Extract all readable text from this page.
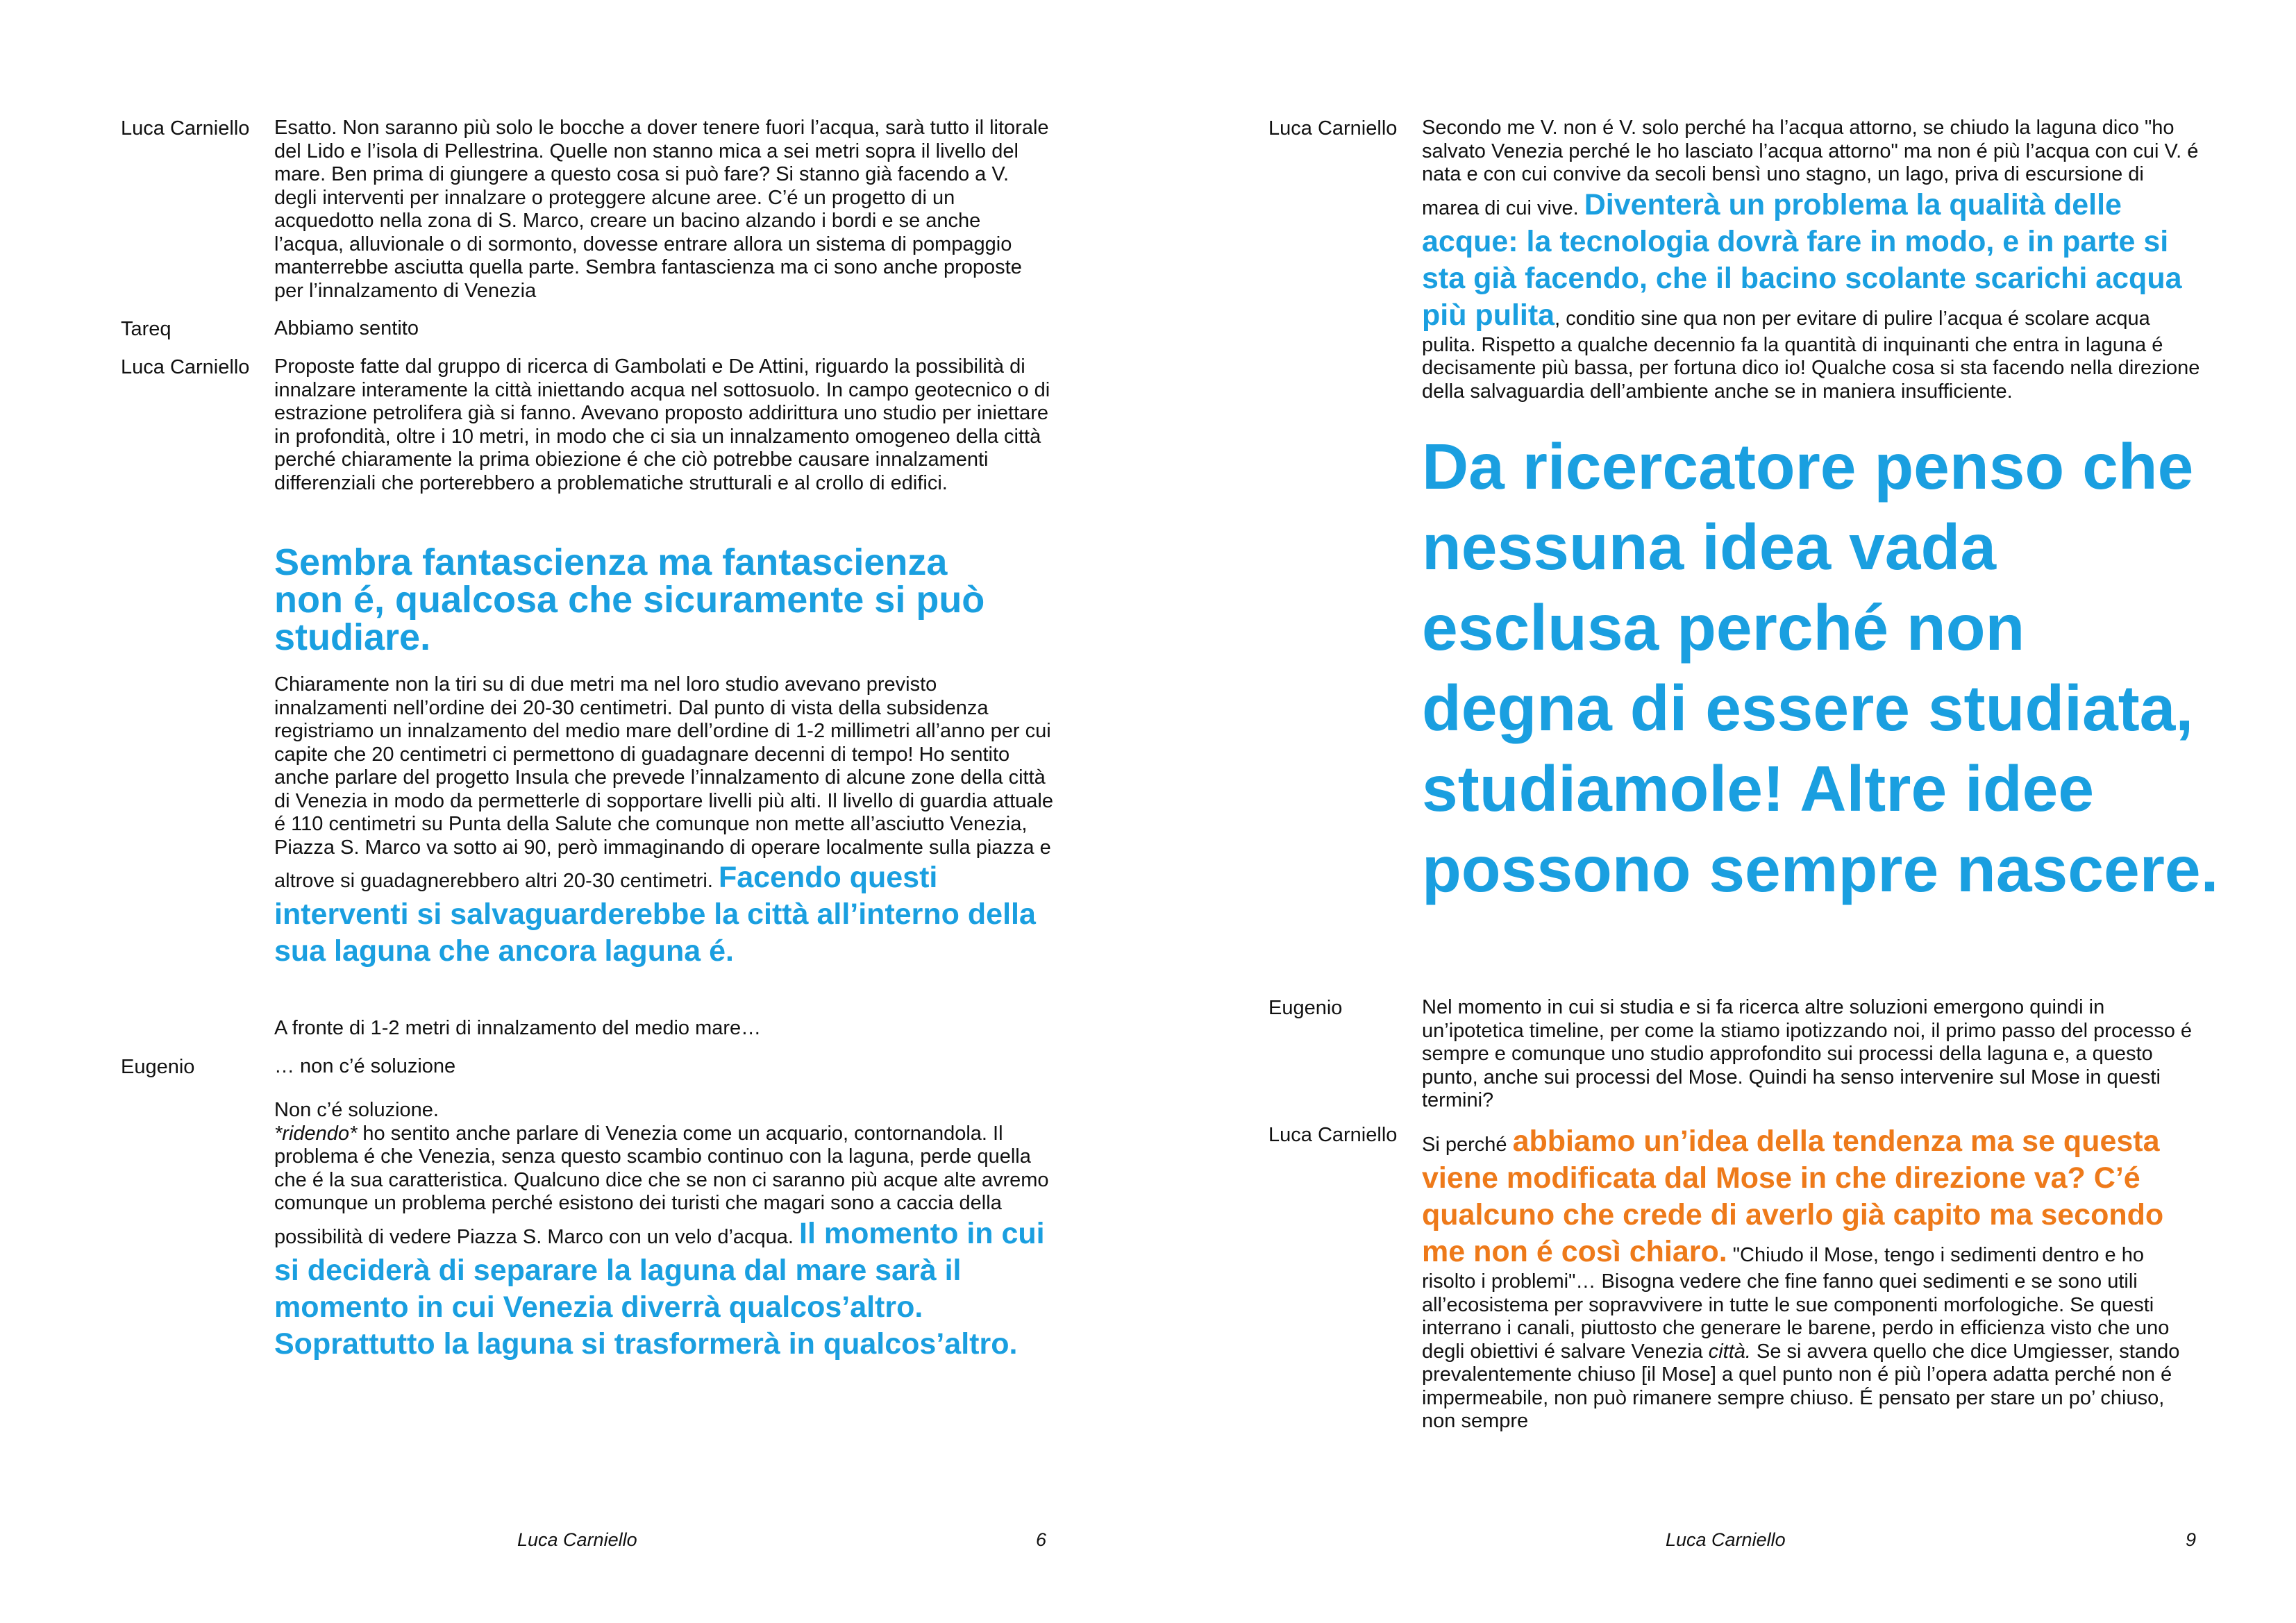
Luca Carniello Esatto. Non saranno più solo le bocche a dover tenere fuori l’acqua, sarà tutto il litorale del Lido e l’isola di Pellestrina. Quelle non stanno mica a sei metri sopra il livello del mare. Ben prima di giungere a questo cosa si può fare? Si stanno già facendo a V. degli interventi per innalzare o proteggere alcune aree. C’é un progetto di un acquedotto nella zona di S. Marco, creare un bacino alzando i bordi e se anche l’acqua, alluvionale o di sormonto, dovesse entrare allora un sistema di pompaggio manterrebbe asciutta quella parte. Sembra fantascienza ma ci sono anche proposte per l’innalzamento di Venezia
Tareq	Abbiamo sentito
Luca Carniello Proposte fatte dal gruppo di ricerca di Gambolati e De Attini, riguardo la possibilità di innalzare interamente la città iniettando acqua nel sottosuolo. In campo geotecnico o di estrazione petrolifera già si fanno. Avevano proposto addirittura uno studio per iniettare in profondità, oltre i 10 metri, in modo che ci sia un innalzamento omogeneo della città perché chiaramente la prima obiezione é che ciò potrebbe causare innalzamenti differenziali che porterebbero a problematiche strutturali e al crollo di edifici.
Sembra fantascienza ma fantascienza non é, qualcosa che sicuramente si può studiare.
Chiaramente non la tiri su di due metri ma nel loro studio avevano previsto innalzamenti nell’ordine dei 20-30 centimetri. Dal punto di vista della subsidenza registriamo un innalzamento del medio mare dell’ordine di 1-2 millimetri all’anno per cui capite che 20 centimetri ci permettono di guadagnare decenni di tempo! Ho sentito anche parlare del progetto Insula che prevede l’innalzamento di alcune zone della città di Venezia in modo da permetterle di sopportare livelli più alti. Il livello di guardia attuale é 110 centimetri su Punta della Salute che comunque non mette all’asciutto Venezia, Piazza S. Marco va sotto ai 90, però immaginando di operare localmente sulla piazza e altrove si guadagnerebbero altri 20-30 centimetri. Facendo questi interventi si salvaguarderebbe la città all’interno della sua laguna che ancora laguna é.
A fronte di 1-2 metri di innalzamento del medio mare…
Eugenio	… non c’é soluzione

Non c’é soluzione.

*ridendo* ho sentito anche parlare di Venezia come un acquario, contornandola. Il problema é che Venezia, senza questo scambio continuo con la laguna, perde quella che é la sua caratteristica. Qualcuno dice che se non ci saranno più acque alte avremo comunque un problema perché esistono dei turisti che magari sono a caccia della possibilità di vedere Piazza S. Marco con un velo d’acqua. Il momento in cui si deciderà di separare la laguna dal mare sarà il momento in cui Venezia diverrà qualcos’altro. Soprattutto la laguna si trasformerà in qualcos’altro.

Luca Carniello	6
Luca Carniello Secondo me V. non é V. solo perché ha l’acqua attorno, se chiudo la laguna dico "ho salvato Venezia perché le ho lasciato l’acqua attorno" ma non é più l’acqua con cui V. é nata e con cui convive da secoli bensì uno stagno, un lago, priva di escursione di marea di cui vive. Diventerà un problema la qualità delle acque: la tecnologia dovrà fare in modo, e in parte si sta già facendo, che il bacino scolante scarichi acqua più pulita, conditio sine qua non per evitare di pulire l’acqua é scolare acqua pulita. Rispetto a qualche decennio fa la quantità di inquinanti che entra in laguna é decisamente più bassa, per fortuna dico io! Qualche cosa si sta facendo nella direzione della salvaguardia dell’ambiente anche se in maniera insufficiente.
Da ricercatore penso che nessuna idea vada esclusa perché non degna di essere studiata, studiamole! Altre idee possono sempre nascere.
Eugenio	Nel momento in cui si studia e si fa ricerca altre soluzioni emergono quindi in un’ipotetica timeline, per come la stiamo ipotizzando noi, il primo passo del processo é sempre e comunque uno studio approfondito sui processi della laguna e, a questo punto, anche sui processi del Mose. Quindi ha senso intervenire sul Mose in questi termini?
Luca Carniello Si perché abbiamo un’idea della tendenza ma se questa viene modificata dal Mose in che direzione va? C’é qualcuno che crede di averlo già capito ma secondo me non é così chiaro. "Chiudo il Mose, tengo i sedimenti dentro e ho risolto i problemi"… Bisogna vedere che fine fanno quei sedimenti e se sono utili all’ecosistema per sopravvivere in tutte le sue componenti morfologiche. Se questi interrano i canali, piuttosto che generare le barene, perdo in efficienza visto che uno degli obiettivi é salvare Venezia città. Se si avvera quello che dice Umgiesser, stando prevalentemente chiuso [il Mose] a quel punto non é più l’opera adatta perché non é impermeabile, non può rimanere sempre chiuso. É pensato per stare un po’ chiuso, non sempre
Luca Carniello	9
